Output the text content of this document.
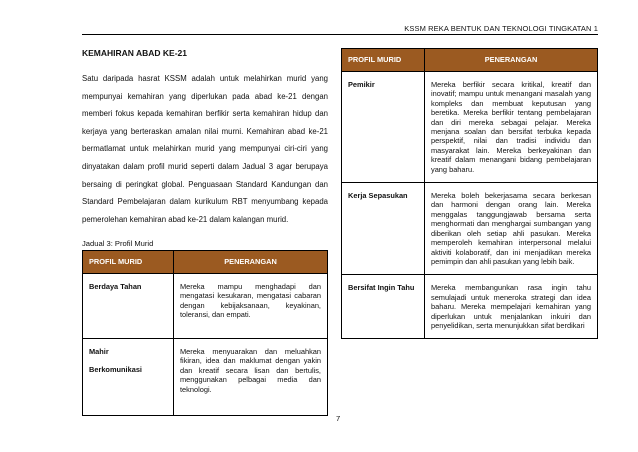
KSSM REKA BENTUK DAN TEKNOLOGI TINGKATAN 1
KEMAHIRAN ABAD KE-21

Satu daripada hasrat KSSM adalah untuk melahirkan murid yang mempunyai kemahiran yang diperlukan pada abad ke-21 dengan memberi fokus kepada kemahiran berfikir serta kemahiran hidup dan kerjaya yang berteraskan amalan nilai murni. Kemahiran abad ke-21 bermatlamat untuk melahirkan murid yang mempunyai ciri-ciri yang dinyatakan dalam profil murid seperti dalam Jadual 3 agar berupaya bersaing di peringkat global. Penguasaan Standard Kandungan dan Standard Pembelajaran dalam kurikulum RBT menyumbang kepada pemerolehan kemahiran abad ke-21 dalam kalangan murid.

Jadual 3: Profil Murid
PROFIL MURID	PENERANGAN
Berdaya Tahan	Mereka mampu menghadapi dan mengatasi kesukaran, mengatasi cabaran dengan kebijaksanaan, keyakinan, toleransi, dan empati.
Mahir
Berkomunikasi	Mereka menyuarakan dan meluahkan fikiran, idea dan maklumat dengan yakin dan kreatif secara lisan dan bertulis, menggunakan pelbagai media dan teknologi.
PROFIL MURID	PENERANGAN
Pemikir	Mereka berfikir secara kritikal, kreatif dan inovatif; mampu untuk menangani masalah yang kompleks dan membuat keputusan yang beretika. Mereka berfikir tentang pembelajaran dan diri mereka sebagai pelajar. Mereka menjana soalan dan bersifat terbuka kepada perspektif, nilai dan tradisi individu dan masyarakat lain. Mereka berkeyakinan dan kreatif dalam menangani bidang pembelajaran yang baharu.
Kerja Sepasukan	Mereka boleh bekerjasama secara berkesan dan harmoni dengan orang lain. Mereka menggalas tanggungjawab bersama serta menghormati dan menghargai sumbangan yang diberikan oleh setiap ahli pasukan. Mereka memperoleh kemahiran interpersonal melalui aktiviti kolaboratif, dan ini menjadikan mereka pemimpin dan ahli pasukan yang lebih baik.
Bersifat Ingin Tahu	Mereka membangunkan rasa ingin tahu semulajadi untuk meneroka strategi dan idea baharu. Mereka mempelajari kemahiran yang diperlukan untuk menjalankan inkuiri dan penyelidikan, serta menunjukkan sifat berdikari
7
